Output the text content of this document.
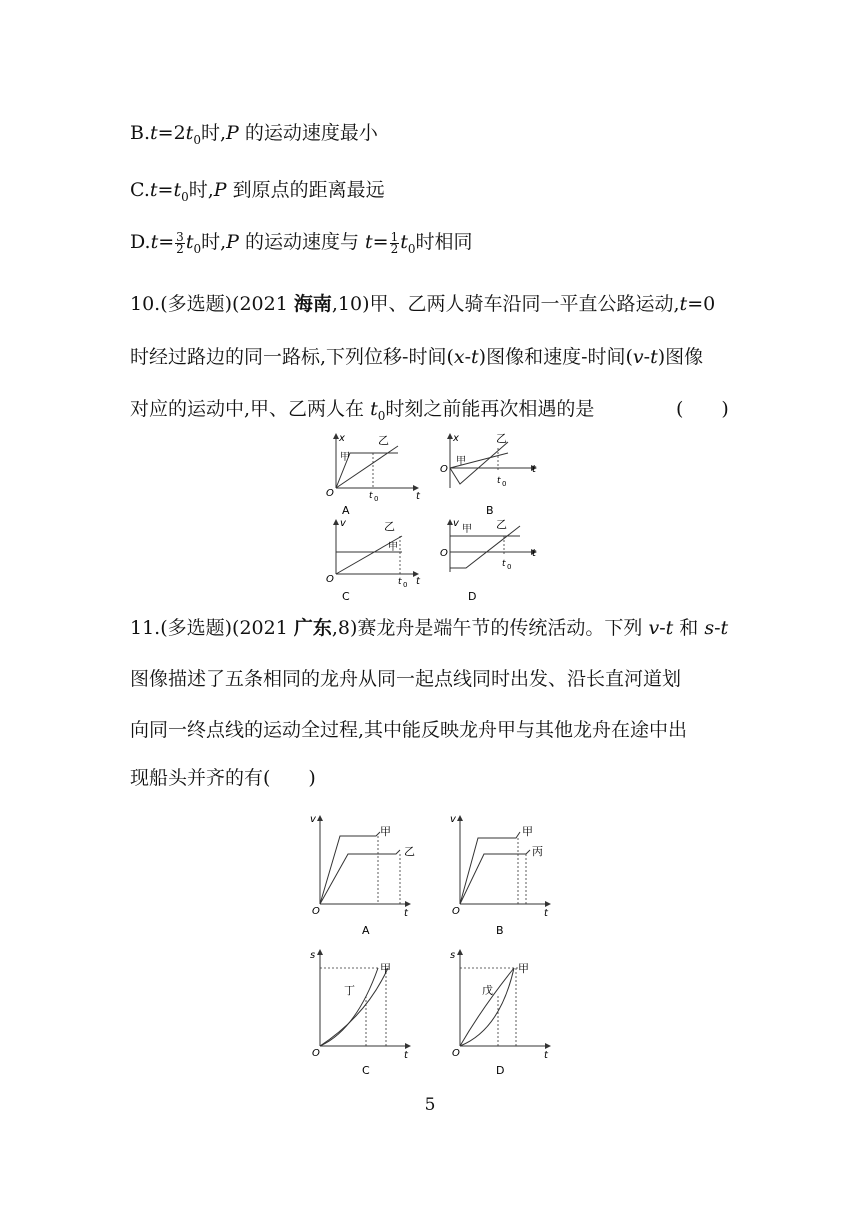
$B.t=2t_0$时,P 的运动速度最小
$C.t=t_0$时,P 到原点的距离最远
$D.t= \frac{3}{2} t_0$时,P 的运动速度与 $t= \frac{1}{2} t_0$时相同
10.(多选题)(2021 海南,10)甲、乙两人骑车沿同一平直公路运动,t=0
时经过路边的同一路标,下列位移-时间(x-t)图像和速度-时间(v-t)图像
对应的运动中,甲、乙两人在 $t_0$时刻之前能再次相遇的是	(　　)
x
t
O
甲
乙
t 0
A
x
t
O
甲
乙
t 0
B
v
t
O
甲
乙
t 0
C
v
t
O
甲 乙
t 0
D
11.(多选题)(2021 广东,8)赛龙舟是端午节的传统活动。下列 v-t 和 s-t
图像描述了五条相同的龙舟从同一起点线同时出发、沿长直河道划
向同一终点线的运动全过程,其中能反映龙舟甲与其他龙舟在途中出
现船头并齐的有(　　)
v
t
O
甲
乙
A
v
t
O
甲
丙
B
s
t
O
甲
丁
C
s
t
O
甲
戊
D
5
